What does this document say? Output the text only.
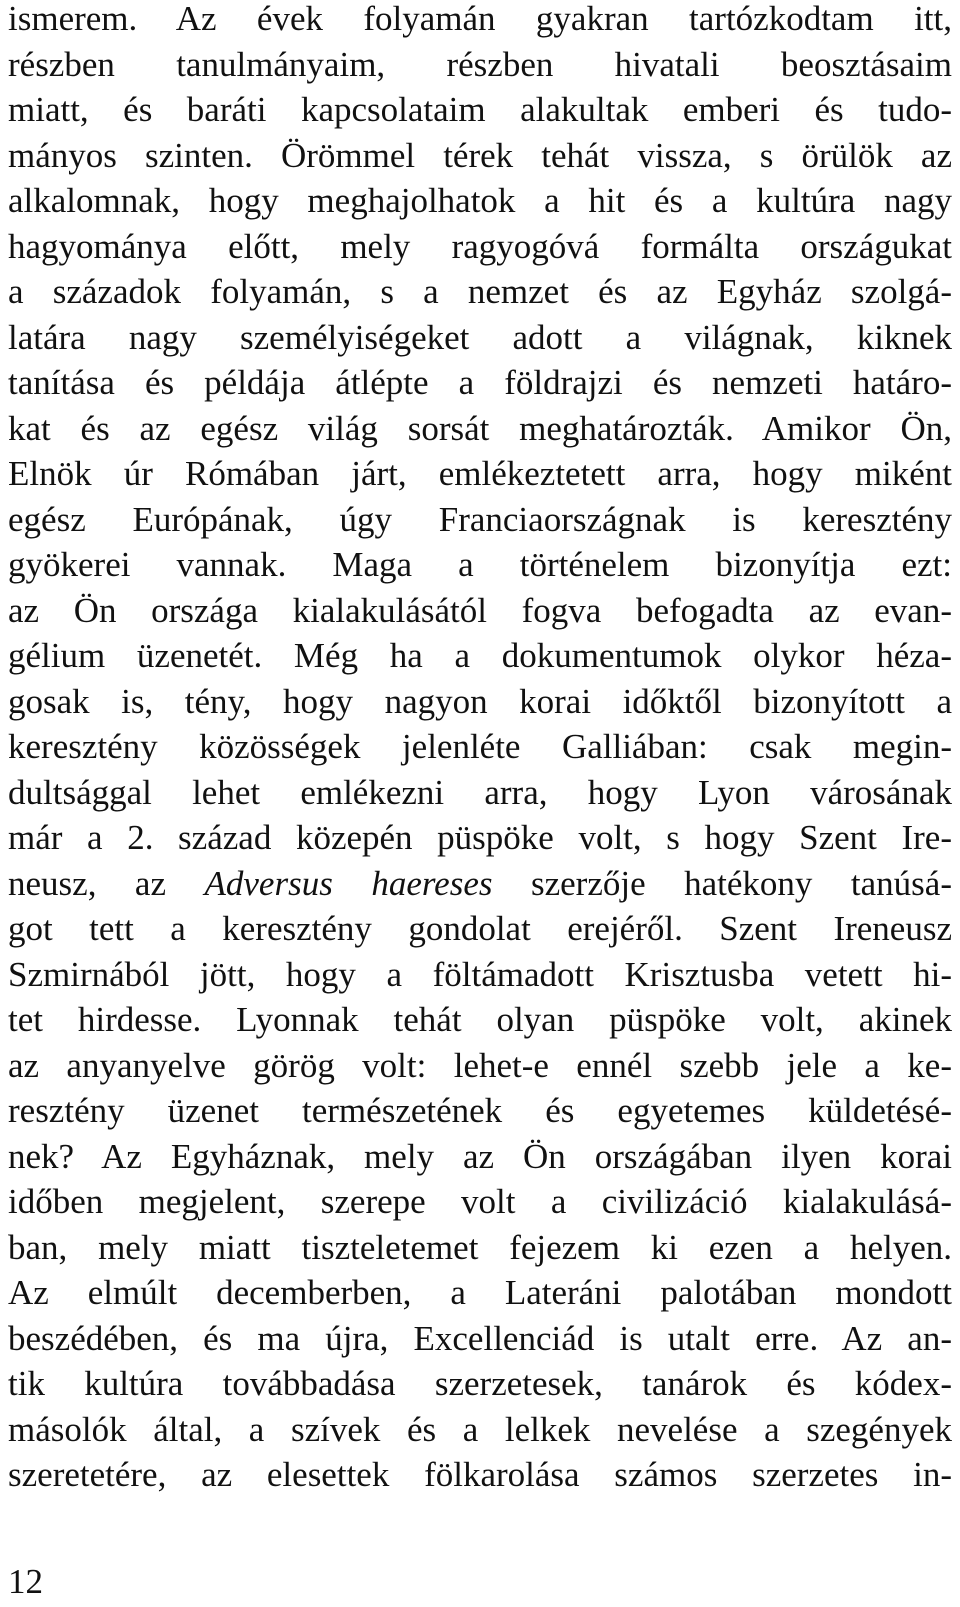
ismerem. Az évek folyamán gyakran tartózkodtam itt,

részben tanulmányaim, részben hivatali beosztásaim

miatt, és baráti kapcsolataim alakultak emberi és tudo-

mányos szinten. Örömmel térek tehát vissza, s örülök az

alkalomnak, hogy meghajolhatok a hit és a kultúra nagy

hagyománya előtt, mely ragyogóvá formálta országukat

a századok folyamán, s a nemzet és az Egyház szolgá-

latára nagy személyiségeket adott a világnak, kiknek

tanítása és példája átlépte a földrajzi és nemzeti határo-

kat és az egész világ sorsát meghatározták. Amikor Ön,

Elnök úr Rómában járt, emlékeztetett arra, hogy miként

egész Európának, úgy Franciaországnak is keresztény

gyökerei vannak. Maga a történelem bizonyítja ezt:

az Ön országa kialakulásától fogva befogadta az evan-

gélium üzenetét. Még ha a dokumentumok olykor héza-

gosak is, tény, hogy nagyon korai időktől bizonyított a

keresztény közösségek jelenléte Galliában: csak megin-

dultsággal lehet emlékezni arra, hogy Lyon városának

már a 2. század közepén püspöke volt, s hogy Szent Ire-

neusz, az Adversus haereses szerzője hatékony tanúsá-

got tett a keresztény gondolat erejéről. Szent Ireneusz

Szmirnából jött, hogy a föltámadott Krisztusba vetett hi-

tet hirdesse. Lyonnak tehát olyan püspöke volt, akinek

az anyanyelve görög volt: lehet-e ennél szebb jele a ke-

resztény üzenet természetének és egyetemes küldetésé-

nek? Az Egyháznak, mely az Ön országában ilyen korai

időben megjelent, szerepe volt a civilizáció kialakulásá-

ban, mely miatt tiszteletemet fejezem ki ezen a helyen.

Az elmúlt decemberben, a Lateráni palotában mondott

beszédében, és ma újra, Excellenciád is utalt erre. Az an-

tik kultúra továbbadása szerzetesek, tanárok és kódex-

másolók által, a szívek és a lelkek nevelése a szegények

szeretetére, az elesettek fölkarolása számos szerzetes in-

12
